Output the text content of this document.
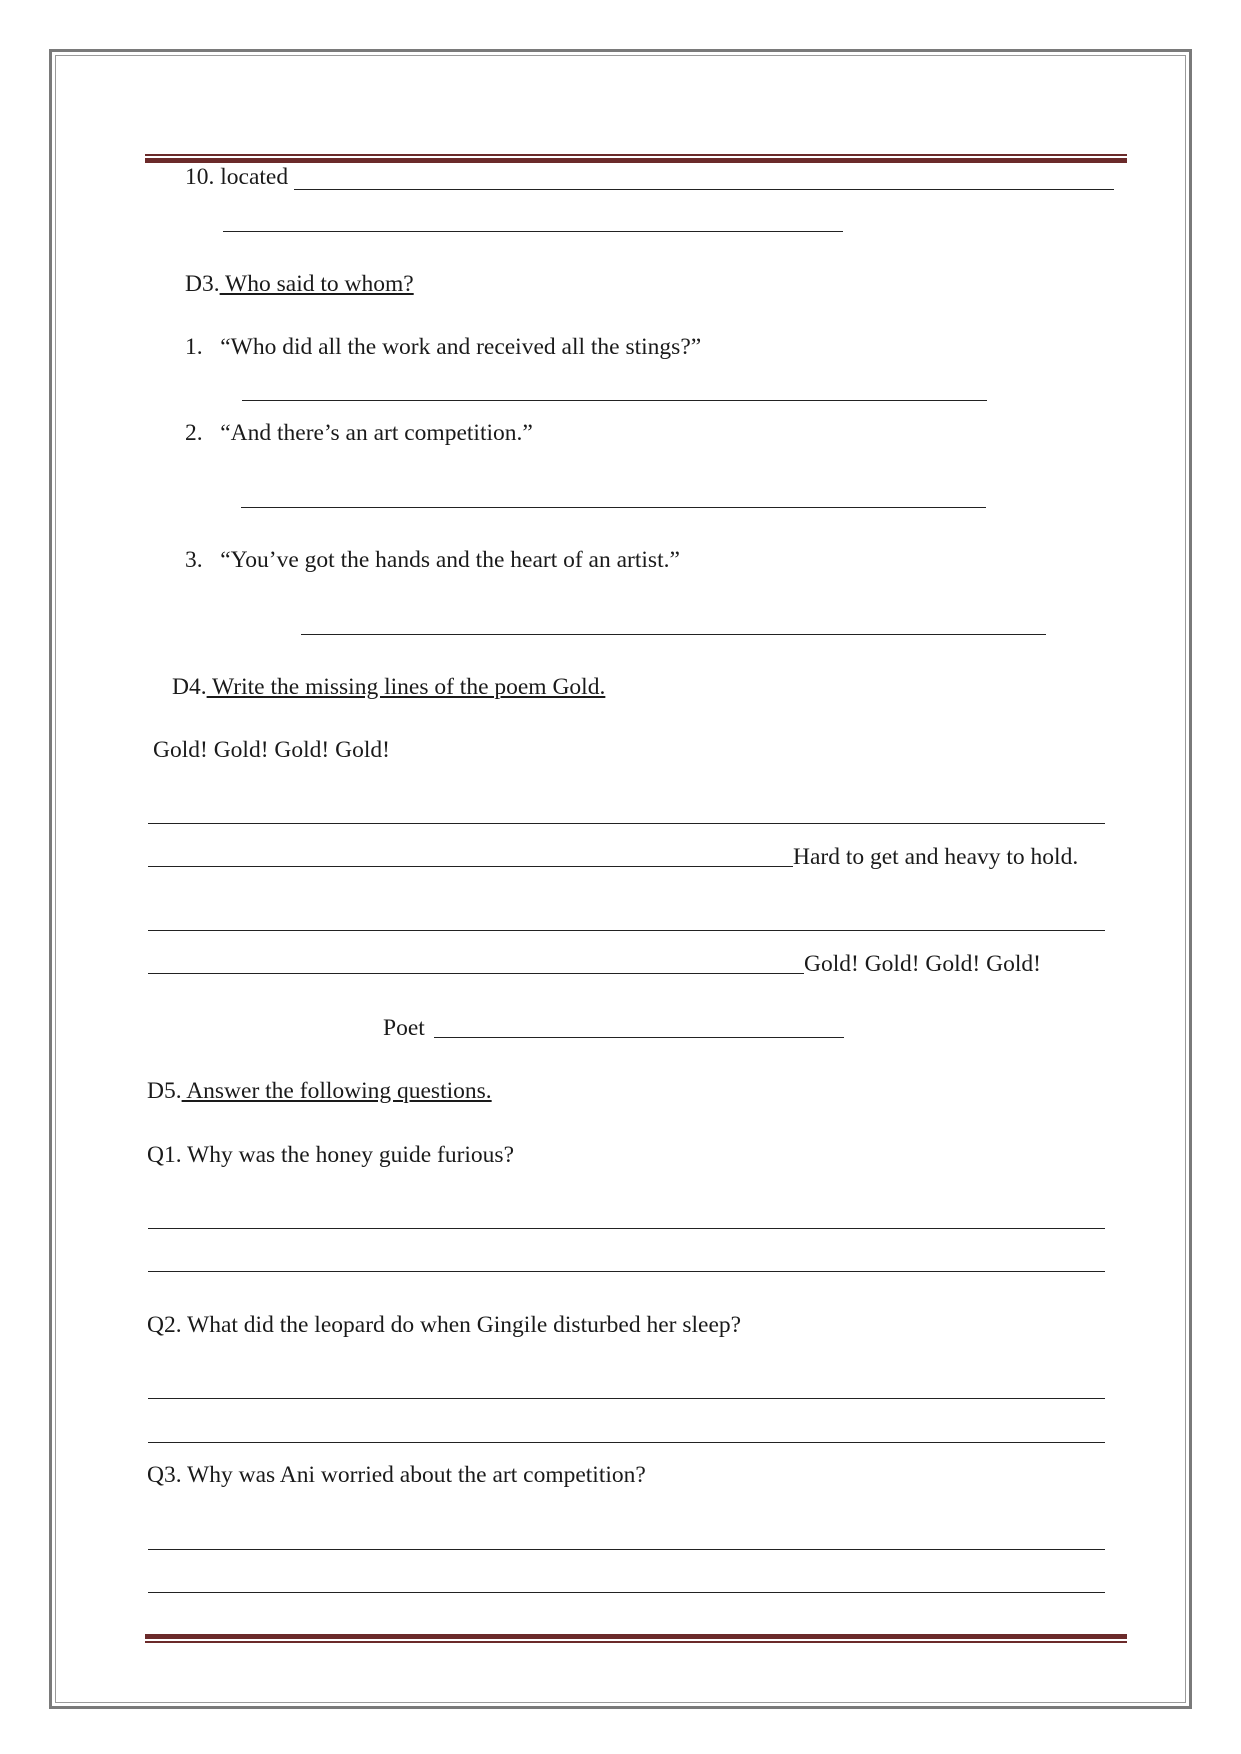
10. located
D3. Who said to whom?
1. “Who did all the work and received all the stings?”
2. “And there’s an art competition.”
3. “You’ve got the hands and the heart of an artist.”
D4. Write the missing lines of the poem Gold.
Gold! Gold! Gold! Gold!
Hard to get and heavy to hold.
Gold! Gold! Gold! Gold!
Poet
D5. Answer the following questions.
Q1. Why was the honey guide furious?
Q2. What did the leopard do when Gingile disturbed her sleep?
Q3. Why was Ani worried about the art competition?
